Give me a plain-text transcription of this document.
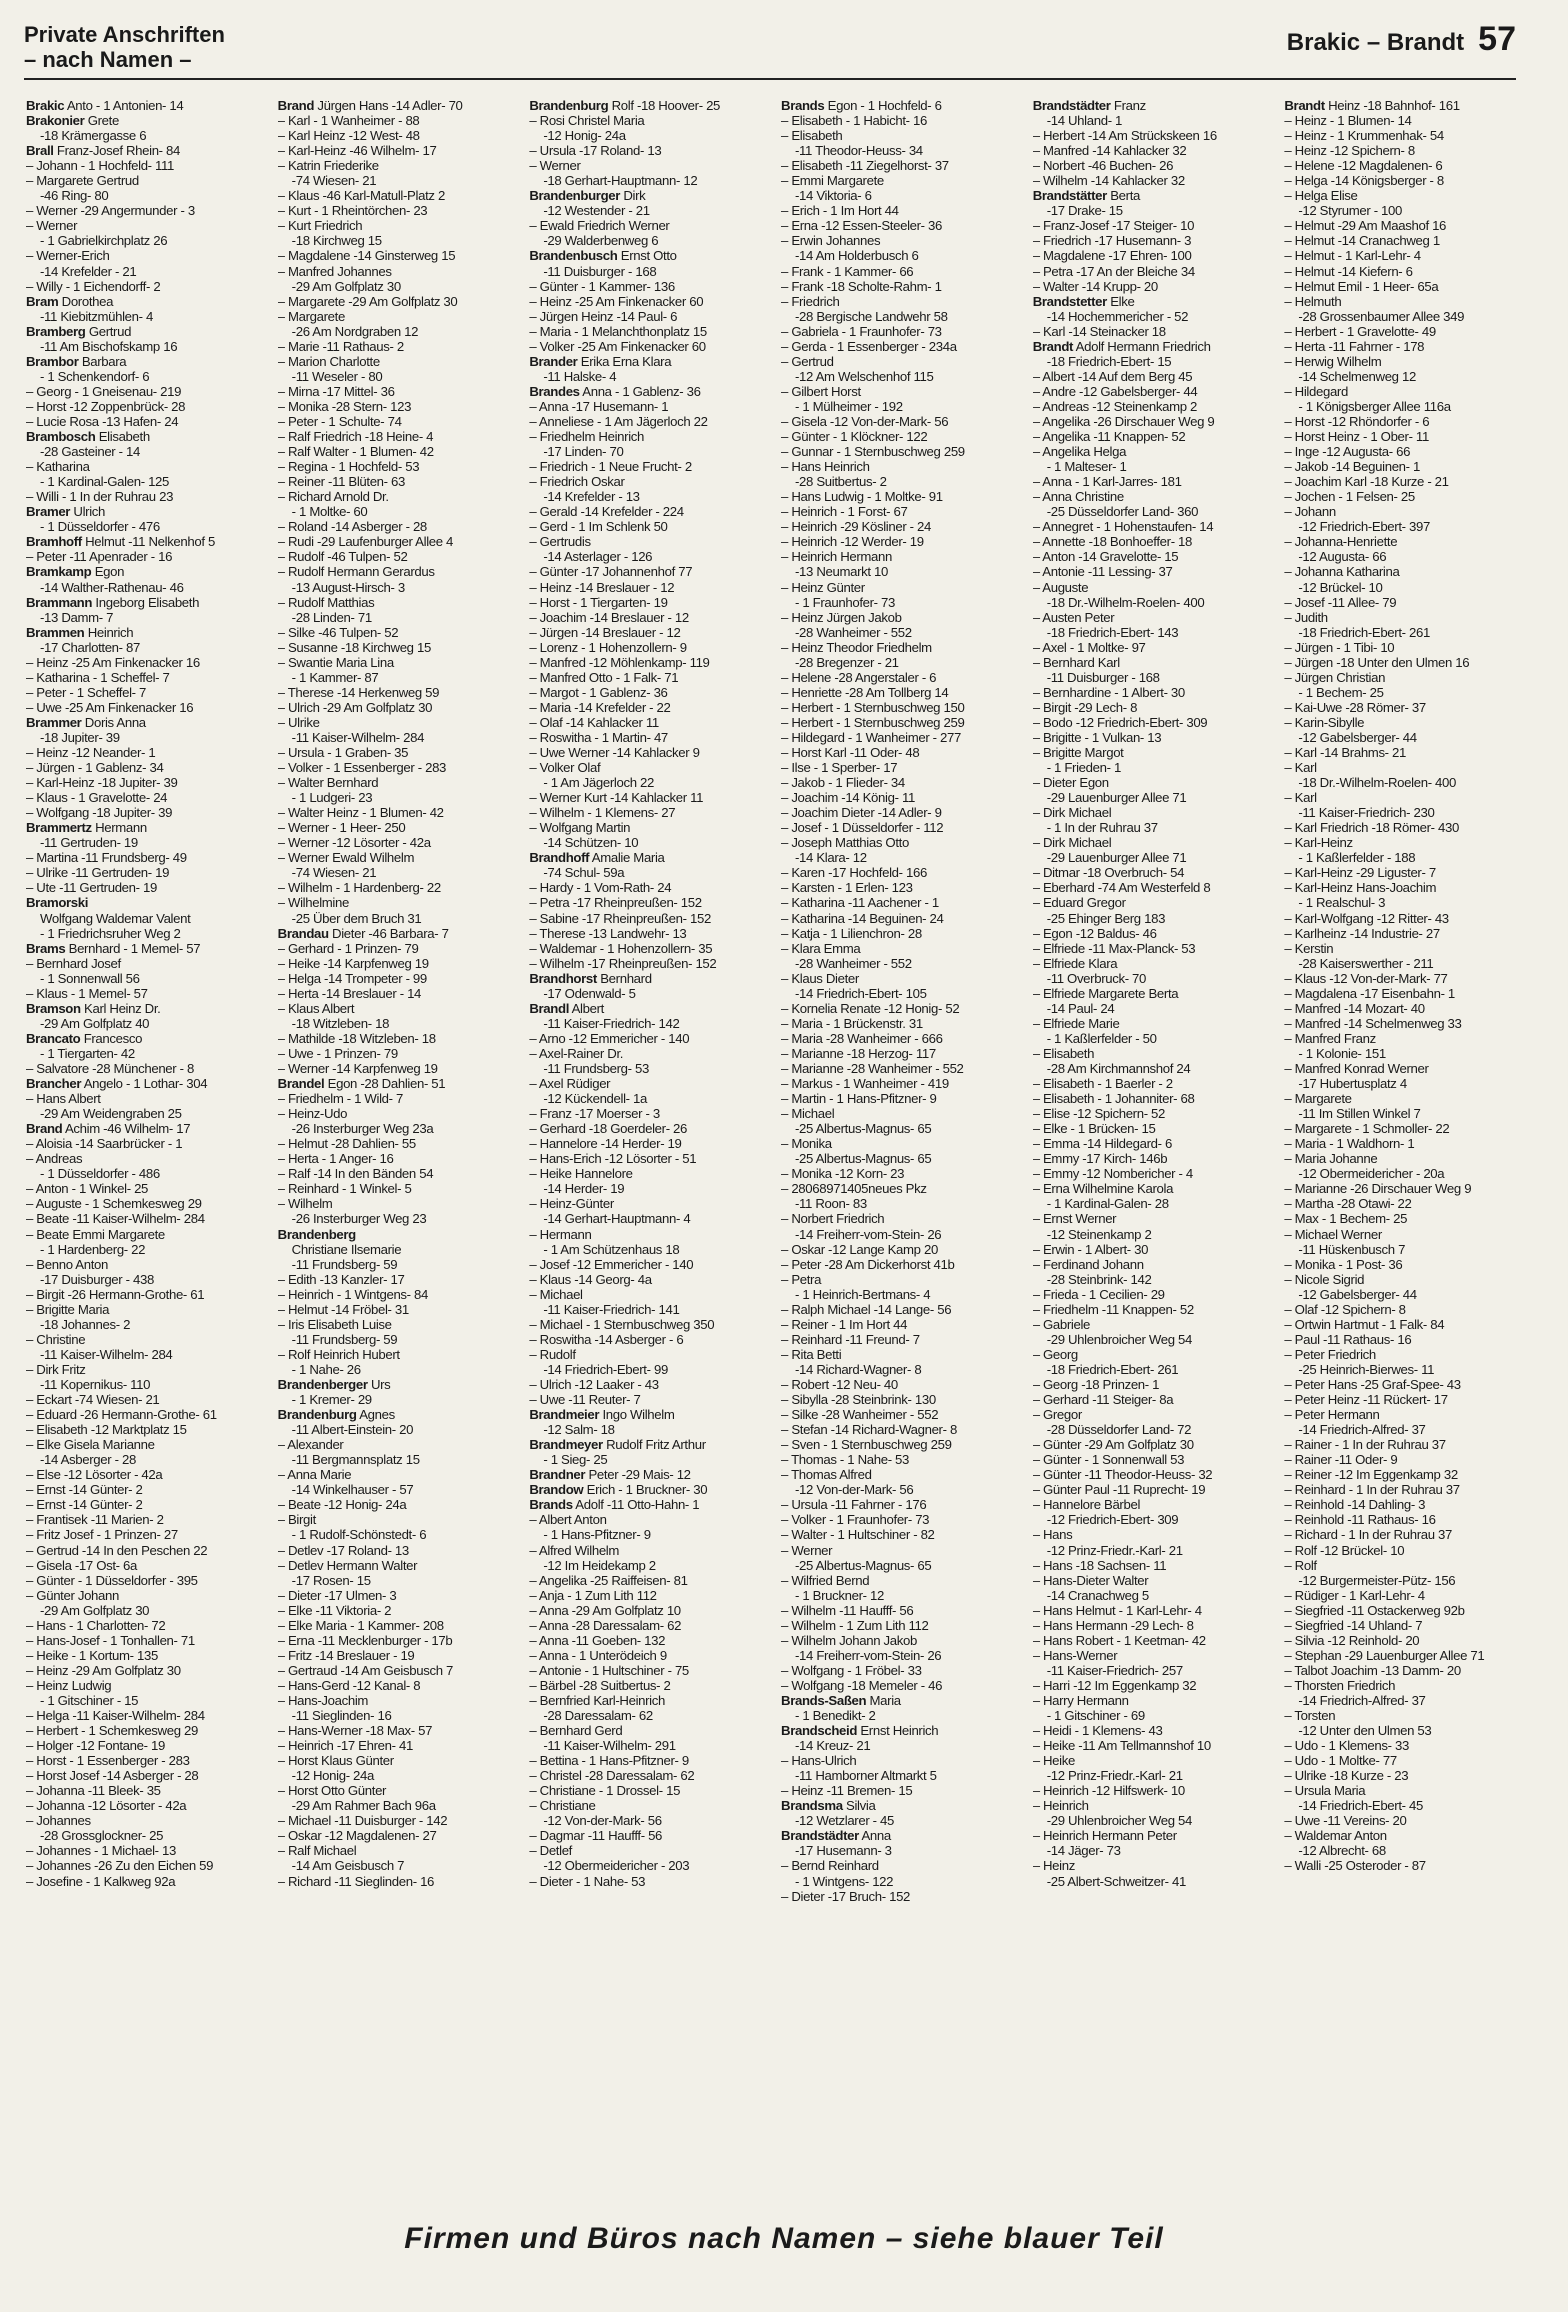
Private Anschriften
– nach Namen –
Brakic – Brandt 57
Brakic Anto - 1 Antonien- 14
Brakonier Grete
-18 Krämergasse 6
Brall Franz-Josef Rhein- 84
– Johann - 1 Hochfeld- 111
– Margarete Gertrud
-46 Ring- 80
– Werner -29 Angermunder - 3
– Werner
- 1 Gabrielkirchplatz 26
– Werner-Erich
-14 Krefelder - 21
– Willy - 1 Eichendorff- 2
Bram Dorothea
-11 Kiebitzmühlen- 4
Bramberg Gertrud
-11 Am Bischofskamp 16
Brambor Barbara
- 1 Schenkendorf- 6
– Georg - 1 Gneisenau- 219
– Horst -12 Zoppenbrück- 28
– Lucie Rosa -13 Hafen- 24
Brambosch Elisabeth
-28 Gasteiner - 14
– Katharina
- 1 Kardinal-Galen- 125
– Willi - 1 In der Ruhrau 23
Bramer Ulrich
- 1 Düsseldorfer - 476
Bramhoff Helmut -11 Nelkenhof 5
– Peter -11 Apenrader - 16
Bramkamp Egon
-14 Walther-Rathenau- 46
Brammann Ingeborg Elisabeth
-13 Damm- 7
Brammen Heinrich
-17 Charlotten- 87
– Heinz -25 Am Finkenacker 16
– Katharina - 1 Scheffel- 7
– Peter - 1 Scheffel- 7
– Uwe -25 Am Finkenacker 16
Brammer Doris Anna
-18 Jupiter- 39
– Heinz -12 Neander- 1
– Jürgen - 1 Gablenz- 34
– Karl-Heinz -18 Jupiter- 39
– Klaus - 1 Gravelotte- 24
– Wolfgang -18 Jupiter- 39
Brammertz Hermann
-11 Gertruden- 19
– Martina -11 Frundsberg- 49
– Ulrike -11 Gertruden- 19
– Ute -11 Gertruden- 19
Bramorski
Wolfgang Waldemar Valent
- 1 Friedrichsruher Weg 2
Brams Bernhard - 1 Memel- 57
– Bernhard Josef
- 1 Sonnenwall 56
– Klaus - 1 Memel- 57
Bramson Karl Heinz Dr.
-29 Am Golfplatz 40
Brancato Francesco
- 1 Tiergarten- 42
– Salvatore -28 Münchener - 8
Brancher Angelo - 1 Lothar- 304
– Hans Albert
-29 Am Weidengraben 25
Brand Achim -46 Wilhelm- 17
– Aloisia -14 Saarbrücker - 1
– Andreas
- 1 Düsseldorfer - 486
– Anton - 1 Winkel- 25
– Auguste - 1 Schemkesweg 29
– Beate -11 Kaiser-Wilhelm- 284
– Beate Emmi Margarete
- 1 Hardenberg- 22
– Benno Anton
-17 Duisburger - 438
– Birgit -26 Hermann-Grothe- 61
– Brigitte Maria
-18 Johannes- 2
– Christine
-11 Kaiser-Wilhelm- 284
– Dirk Fritz
-11 Kopernikus- 110
– Eckart -74 Wiesen- 21
– Eduard -26 Hermann-Grothe- 61
– Elisabeth -12 Marktplatz 15
– Elke Gisela Marianne
-14 Asberger - 28
– Else -12 Lösorter - 42a
– Ernst -14 Günter- 2
– Ernst -14 Günter- 2
– Frantisek -11 Marien- 2
– Fritz Josef - 1 Prinzen- 27
– Gertrud -14 In den Peschen 22
– Gisela -17 Ost- 6a
– Günter - 1 Düsseldorfer - 395
– Günter Johann
-29 Am Golfplatz 30
– Hans - 1 Charlotten- 72
– Hans-Josef - 1 Tonhallen- 71
– Heike - 1 Kortum- 135
– Heinz -29 Am Golfplatz 30
– Heinz Ludwig
- 1 Gitschiner - 15
– Helga -11 Kaiser-Wilhelm- 284
– Herbert - 1 Schemkesweg 29
– Holger -12 Fontane- 19
– Horst - 1 Essenberger - 283
– Horst Josef -14 Asberger - 28
– Johanna -11 Bleek- 35
– Johanna -12 Lösorter - 42a
– Johannes
-28 Grossglockner- 25
– Johannes - 1 Michael- 13
– Johannes -26 Zu den Eichen 59
– Josefine - 1 Kalkweg 92a
Brand Jürgen Hans -14 Adler- 70
– Karl - 1 Wanheimer - 88
– Karl Heinz -12 West- 48
– Karl-Heinz -46 Wilhelm- 17
– Katrin Friederike
-74 Wiesen- 21
– Klaus -46 Karl-Matull-Platz 2
– Kurt - 1 Rheintörchen- 23
– Kurt Friedrich
-18 Kirchweg 15
– Magdalene -14 Ginsterweg 15
– Manfred Johannes
-29 Am Golfplatz 30
– Margarete -29 Am Golfplatz 30
– Margarete
-26 Am Nordgraben 12
– Marie -11 Rathaus- 2
– Marion Charlotte
-11 Weseler - 80
– Mirna -17 Mittel- 36
– Monika -28 Stern- 123
– Peter - 1 Schulte- 74
– Ralf Friedrich -18 Heine- 4
– Ralf Walter - 1 Blumen- 42
– Regina - 1 Hochfeld- 53
– Reiner -11 Blüten- 63
– Richard Arnold Dr.
- 1 Moltke- 60
– Roland -14 Asberger - 28
– Rudi -29 Laufenburger Allee 4
– Rudolf -46 Tulpen- 52
– Rudolf Hermann Gerardus
-13 August-Hirsch- 3
– Rudolf Matthias
-28 Linden- 71
– Silke -46 Tulpen- 52
– Susanne -18 Kirchweg 15
– Swantie Maria Lina
- 1 Kammer- 87
– Therese -14 Herkenweg 59
– Ulrich -29 Am Golfplatz 30
– Ulrike
-11 Kaiser-Wilhelm- 284
– Ursula - 1 Graben- 35
– Volker - 1 Essenberger - 283
– Walter Bernhard
- 1 Ludgeri- 23
– Walter Heinz - 1 Blumen- 42
– Werner - 1 Heer- 250
– Werner -12 Lösorter - 42a
– Werner Ewald Wilhelm
-74 Wiesen- 21
– Wilhelm - 1 Hardenberg- 22
– Wilhelmine
-25 Über dem Bruch 31
Brandau Dieter -46 Barbara- 7
– Gerhard - 1 Prinzen- 79
– Heike -14 Karpfenweg 19
– Helga -14 Trompeter - 99
– Herta -14 Breslauer - 14
– Klaus Albert
-18 Witzleben- 18
– Mathilde -18 Witzleben- 18
– Uwe - 1 Prinzen- 79
– Werner -14 Karpfenweg 19
Brandel Egon -28 Dahlien- 51
– Friedhelm - 1 Wild- 7
– Heinz-Udo
-26 Insterburger Weg 23a
– Helmut -28 Dahlien- 55
– Herta - 1 Anger- 16
– Ralf -14 In den Bänden 54
– Reinhard - 1 Winkel- 5
– Wilhelm
-26 Insterburger Weg 23
Brandenberg
Christiane Ilsemarie
-11 Frundsberg- 59
– Edith -13 Kanzler- 17
– Heinrich - 1 Wintgens- 84
– Helmut -14 Fröbel- 31
– Iris Elisabeth Luise
-11 Frundsberg- 59
– Rolf Heinrich Hubert
- 1 Nahe- 26
Brandenberger Urs
- 1 Kremer- 29
Brandenburg Agnes
-11 Albert-Einstein- 20
– Alexander
-11 Bergmannsplatz 15
– Anna Marie
-14 Winkelhauser - 57
– Beate -12 Honig- 24a
– Birgit
- 1 Rudolf-Schönstedt- 6
– Detlev -17 Roland- 13
– Detlev Hermann Walter
-17 Rosen- 15
– Dieter -17 Ulmen- 3
– Elke -11 Viktoria- 2
– Elke Maria - 1 Kammer- 208
– Erna -11 Mecklenburger - 17b
– Fritz -14 Breslauer - 19
– Gertraud -14 Am Geisbusch 7
– Hans-Gerd -12 Kanal- 8
– Hans-Joachim
-11 Sieglinden- 16
– Hans-Werner -18 Max- 57
– Heinrich -17 Ehren- 41
– Horst Klaus Günter
-12 Honig- 24a
– Horst Otto Günter
-29 Am Rahmer Bach 96a
– Michael -11 Duisburger - 142
– Oskar -12 Magdalenen- 27
– Ralf Michael
-14 Am Geisbusch 7
– Richard -11 Sieglinden- 16
Brandenburg Rolf -18 Hoover- 25
– Rosi Christel Maria
-12 Honig- 24a
– Ursula -17 Roland- 13
– Werner
-18 Gerhart-Hauptmann- 12
Brandenburger Dirk
-12 Westender - 21
– Ewald Friedrich Werner
-29 Walderbenweg 6
Brandenbusch Ernst Otto
-11 Duisburger - 168
– Günter - 1 Kammer- 136
– Heinz -25 Am Finkenacker 60
– Jürgen Heinz -14 Paul- 6
– Maria - 1 Melanchthonplatz 15
– Volker -25 Am Finkenacker 60
Brander Erika Erna Klara
-11 Halske- 4
Brandes Anna - 1 Gablenz- 36
– Anna -17 Husemann- 1
– Anneliese - 1 Am Jägerloch 22
– Friedhelm Heinrich
-17 Linden- 70
– Friedrich - 1 Neue Frucht- 2
– Friedrich Oskar
-14 Krefelder - 13
– Gerald -14 Krefelder - 224
– Gerd - 1 Im Schlenk 50
– Gertrudis
-14 Asterlager - 126
– Günter -17 Johannenhof 77
– Heinz -14 Breslauer - 12
– Horst - 1 Tiergarten- 19
– Joachim -14 Breslauer - 12
– Jürgen -14 Breslauer - 12
– Lorenz - 1 Hohenzollern- 9
– Manfred -12 Möhlenkamp- 119
– Manfred Otto - 1 Falk- 71
– Margot - 1 Gablenz- 36
– Maria -14 Krefelder - 22
– Olaf -14 Kahlacker 11
– Roswitha - 1 Martin- 47
– Uwe Werner -14 Kahlacker 9
– Volker Olaf
- 1 Am Jägerloch 22
– Werner Kurt -14 Kahlacker 11
– Wilhelm - 1 Klemens- 27
– Wolfgang Martin
-14 Schützen- 10
Brandhoff Amalie Maria
-74 Schul- 59a
– Hardy - 1 Vom-Rath- 24
– Petra -17 Rheinpreußen- 152
– Sabine -17 Rheinpreußen- 152
– Therese -13 Landwehr- 13
– Waldemar - 1 Hohenzollern- 35
– Wilhelm -17 Rheinpreußen- 152
Brandhorst Bernhard
-17 Odenwald- 5
Brandl Albert
-11 Kaiser-Friedrich- 142
– Arno -12 Emmericher - 140
– Axel-Rainer Dr.
-11 Frundsberg- 53
– Axel Rüdiger
-12 Kückendell- 1a
– Franz -17 Moerser - 3
– Gerhard -18 Goerdeler- 26
– Hannelore -14 Herder- 19
– Hans-Erich -12 Lösorter - 51
– Heike Hannelore
-14 Herder- 19
– Heinz-Günter
-14 Gerhart-Hauptmann- 4
– Hermann
- 1 Am Schützenhaus 18
– Josef -12 Emmericher - 140
– Klaus -14 Georg- 4a
– Michael
-11 Kaiser-Friedrich- 141
– Michael - 1 Sternbuschweg 350
– Roswitha -14 Asberger - 6
– Rudolf
-14 Friedrich-Ebert- 99
– Ulrich -12 Laaker - 43
– Uwe -11 Reuter- 7
Brandmeier Ingo Wilhelm
-12 Salm- 18
Brandmeyer Rudolf Fritz Arthur
- 1 Sieg- 25
Brandner Peter -29 Mais- 12
Brandow Erich - 1 Bruckner- 30
Brands Adolf -11 Otto-Hahn- 1
– Albert Anton
- 1 Hans-Pfitzner- 9
– Alfred Wilhelm
-12 Im Heidekamp 2
– Angelika -25 Raiffeisen- 81
– Anja - 1 Zum Lith 112
– Anna -29 Am Golfplatz 10
– Anna -28 Daressalam- 62
– Anna -11 Goeben- 132
– Anna - 1 Unterödeich 9
– Antonie - 1 Hultschiner - 75
– Bärbel -28 Suitbertus- 2
– Bernfried Karl-Heinrich
-28 Daressalam- 62
– Bernhard Gerd
-11 Kaiser-Wilhelm- 291
– Bettina - 1 Hans-Pfitzner- 9
– Christel -28 Daressalam- 62
– Christiane - 1 Drossel- 15
– Christiane
-12 Von-der-Mark- 56
– Dagmar -11 Haufff- 56
– Detlef
-12 Obermeidericher - 203
– Dieter - 1 Nahe- 53
Brands Egon - 1 Hochfeld- 6
– Elisabeth - 1 Habicht- 16
– Elisabeth
-11 Theodor-Heuss- 34
– Elisabeth -11 Ziegelhorst- 37
– Emmi Margarete
-14 Viktoria- 6
– Erich - 1 Im Hort 44
– Erna -12 Essen-Steeler- 36
– Erwin Johannes
-14 Am Holderbusch 6
– Frank - 1 Kammer- 66
– Frank -18 Scholte-Rahm- 1
– Friedrich
-28 Bergische Landwehr 58
– Gabriela - 1 Fraunhofer- 73
– Gerda - 1 Essenberger - 234a
– Gertrud
-12 Am Welschenhof 115
– Gilbert Horst
- 1 Mülheimer - 192
– Gisela -12 Von-der-Mark- 56
– Günter - 1 Klöckner- 122
– Gunnar - 1 Sternbuschweg 259
– Hans Heinrich
-28 Suitbertus- 2
– Hans Ludwig - 1 Moltke- 91
– Heinrich - 1 Forst- 67
– Heinrich -29 Kösliner - 24
– Heinrich -12 Werder- 19
– Heinrich Hermann
-13 Neumarkt 10
– Heinz Günter
- 1 Fraunhofer- 73
– Heinz Jürgen Jakob
-28 Wanheimer - 552
– Heinz Theodor Friedhelm
-28 Bregenzer - 21
– Helene -28 Angerstaler - 6
– Henriette -28 Am Tollberg 14
– Herbert - 1 Sternbuschweg 150
– Herbert - 1 Sternbuschweg 259
– Hildegard - 1 Wanheimer - 277
– Horst Karl -11 Oder- 48
– Ilse - 1 Sperber- 17
– Jakob - 1 Flieder- 34
– Joachim -14 König- 11
– Joachim Dieter -14 Adler- 9
– Josef - 1 Düsseldorfer - 112
– Joseph Matthias Otto
-14 Klara- 12
– Karen -17 Hochfeld- 166
– Karsten - 1 Erlen- 123
– Katharina -11 Aachener - 1
– Katharina -14 Beguinen- 24
– Katja - 1 Lilienchron- 28
– Klara Emma
-28 Wanheimer - 552
– Klaus Dieter
-14 Friedrich-Ebert- 105
– Kornelia Renate -12 Honig- 52
– Maria - 1 Brückenstr. 31
– Maria -28 Wanheimer - 666
– Marianne -18 Herzog- 117
– Marianne -28 Wanheimer - 552
– Markus - 1 Wanheimer - 419
– Martin - 1 Hans-Pfitzner- 9
– Michael
-25 Albertus-Magnus- 65
– Monika
-25 Albertus-Magnus- 65
– Monika -12 Korn- 23
– 28068971405neues Pkz
-11 Roon- 83
– Norbert Friedrich
-14 Freiherr-vom-Stein- 26
– Oskar -12 Lange Kamp 20
– Peter -28 Am Dickerhorst 41b
– Petra
- 1 Heinrich-Bertmans- 4
– Ralph Michael -14 Lange- 56
– Reiner - 1 Im Hort 44
– Reinhard -11 Freund- 7
– Rita Betti
-14 Richard-Wagner- 8
– Robert -12 Neu- 40
– Sibylla -28 Steinbrink- 130
– Silke -28 Wanheimer - 552
– Stefan -14 Richard-Wagner- 8
– Sven - 1 Sternbuschweg 259
– Thomas - 1 Nahe- 53
– Thomas Alfred
-12 Von-der-Mark- 56
– Ursula -11 Fahrner - 176
– Volker - 1 Fraunhofer- 73
– Walter - 1 Hultschiner - 82
– Werner
-25 Albertus-Magnus- 65
– Wilfried Bernd
- 1 Bruckner- 12
– Wilhelm -11 Haufff- 56
– Wilhelm - 1 Zum Lith 112
– Wilhelm Johann Jakob
-14 Freiherr-vom-Stein- 26
– Wolfgang - 1 Fröbel- 33
– Wolfgang -18 Memeler - 46
Brands-Saßen Maria
- 1 Benedikt- 2
Brandscheid Ernst Heinrich
-14 Kreuz- 21
– Hans-Ulrich
-11 Hamborner Altmarkt 5
– Heinz -11 Bremen- 15
Brandsma Silvia
-12 Wetzlarer - 45
Brandstädter Anna
-17 Husemann- 3
– Bernd Reinhard
- 1 Wintgens- 122
– Dieter -17 Bruch- 152
Brandstädter Franz
-14 Uhland- 1
– Herbert -14 Am Strückskeen 16
– Manfred -14 Kahlacker 32
– Norbert -46 Buchen- 26
– Wilhelm -14 Kahlacker 32
Brandstätter Berta
-17 Drake- 15
– Franz-Josef -17 Steiger- 10
– Friedrich -17 Husemann- 3
– Magdalene -17 Ehren- 100
– Petra -17 An der Bleiche 34
– Walter -14 Krupp- 20
Brandstetter Elke
-14 Hochemmericher - 52
– Karl -14 Steinacker 18
Brandt Adolf Hermann Friedrich
-18 Friedrich-Ebert- 15
– Albert -14 Auf dem Berg 45
– Andre -12 Gabelsberger- 44
– Andreas -12 Steinenkamp 2
– Angelika -26 Dirschauer Weg 9
– Angelika -11 Knappen- 52
– Angelika Helga
- 1 Malteser- 1
– Anna - 1 Karl-Jarres- 181
– Anna Christine
-25 Düsseldorfer Land- 360
– Annegret - 1 Hohenstaufen- 14
– Annette -18 Bonhoeffer- 18
– Anton -14 Gravelotte- 15
– Antonie -11 Lessing- 37
– Auguste
-18 Dr.-Wilhelm-Roelen- 400
– Austen Peter
-18 Friedrich-Ebert- 143
– Axel - 1 Moltke- 97
– Bernhard Karl
-11 Duisburger - 168
– Bernhardine - 1 Albert- 30
– Birgit -29 Lech- 8
– Bodo -12 Friedrich-Ebert- 309
– Brigitte - 1 Vulkan- 13
– Brigitte Margot
- 1 Frieden- 1
– Dieter Egon
-29 Lauenburger Allee 71
– Dirk Michael
- 1 In der Ruhrau 37
– Dirk Michael
-29 Lauenburger Allee 71
– Ditmar -18 Overbruch- 54
– Eberhard -74 Am Westerfeld 8
– Eduard Gregor
-25 Ehinger Berg 183
– Egon -12 Baldus- 46
– Elfriede -11 Max-Planck- 53
– Elfriede Klara
-11 Overbruck- 70
– Elfriede Margarete Berta
-14 Paul- 24
– Elfriede Marie
- 1 Kaßlerfelder - 50
– Elisabeth
-28 Am Kirchmannshof 24
– Elisabeth - 1 Baerler - 2
– Elisabeth - 1 Johanniter- 68
– Elise -12 Spichern- 52
– Elke - 1 Brücken- 15
– Emma -14 Hildegard- 6
– Emmy -17 Kirch- 146b
– Emmy -12 Nombericher - 4
– Erna Wilhelmine Karola
- 1 Kardinal-Galen- 28
– Ernst Werner
-12 Steinenkamp 2
– Erwin - 1 Albert- 30
– Ferdinand Johann
-28 Steinbrink- 142
– Frieda - 1 Cecilien- 29
– Friedhelm -11 Knappen- 52
– Gabriele
-29 Uhlenbroicher Weg 54
– Georg
-18 Friedrich-Ebert- 261
– Georg -18 Prinzen- 1
– Gerhard -11 Steiger- 8a
– Gregor
-28 Düsseldorfer Land- 72
– Günter -29 Am Golfplatz 30
– Günter - 1 Sonnenwall 53
– Günter -11 Theodor-Heuss- 32
– Günter Paul -11 Ruprecht- 19
– Hannelore Bärbel
-12 Friedrich-Ebert- 309
– Hans
-12 Prinz-Friedr.-Karl- 21
– Hans -18 Sachsen- 11
– Hans-Dieter Walter
-14 Cranachweg 5
– Hans Helmut - 1 Karl-Lehr- 4
– Hans Hermann -29 Lech- 8
– Hans Robert - 1 Keetman- 42
– Hans-Werner
-11 Kaiser-Friedrich- 257
– Harri -12 Im Eggenkamp 32
– Harry Hermann
- 1 Gitschiner - 69
– Heidi - 1 Klemens- 43
– Heike -11 Am Tellmannshof 10
– Heike
-12 Prinz-Friedr.-Karl- 21
– Heinrich -12 Hilfswerk- 10
– Heinrich
-29 Uhlenbroicher Weg 54
– Heinrich Hermann Peter
-14 Jäger- 73
– Heinz
-25 Albert-Schweitzer- 41
Brandt Heinz -18 Bahnhof- 161
– Heinz - 1 Blumen- 14
– Heinz - 1 Krummenhak- 54
– Heinz -12 Spichern- 8
– Helene -12 Magdalenen- 6
– Helga -14 Königsberger - 8
– Helga Elise
-12 Styrumer - 100
– Helmut -29 Am Maashof 16
– Helmut -14 Cranachweg 1
– Helmut - 1 Karl-Lehr- 4
– Helmut -14 Kiefern- 6
– Helmut Emil - 1 Heer- 65a
– Helmuth
-28 Grossenbaumer Allee 349
– Herbert - 1 Gravelotte- 49
– Herta -11 Fahrner - 178
– Herwig Wilhelm
-14 Schelmenweg 12
– Hildegard
- 1 Königsberger Allee 116a
– Horst -12 Rhöndorfer - 6
– Horst Heinz - 1 Ober- 11
– Inge -12 Augusta- 66
– Jakob -14 Beguinen- 1
– Joachim Karl -18 Kurze - 21
– Jochen - 1 Felsen- 25
– Johann
-12 Friedrich-Ebert- 397
– Johanna-Henriette
-12 Augusta- 66
– Johanna Katharina
-12 Brückel- 10
– Josef -11 Allee- 79
– Judith
-18 Friedrich-Ebert- 261
– Jürgen - 1 Tibi- 10
– Jürgen -18 Unter den Ulmen 16
– Jürgen Christian
- 1 Bechem- 25
– Kai-Uwe -28 Römer- 37
– Karin-Sibylle
-12 Gabelsberger- 44
– Karl -14 Brahms- 21
– Karl
-18 Dr.-Wilhelm-Roelen- 400
– Karl
-11 Kaiser-Friedrich- 230
– Karl Friedrich -18 Römer- 430
– Karl-Heinz
- 1 Kaßlerfelder - 188
– Karl-Heinz -29 Liguster- 7
– Karl-Heinz Hans-Joachim
- 1 Realschul- 3
– Karl-Wolfgang -12 Ritter- 43
– Karlheinz -14 Industrie- 27
– Kerstin
-28 Kaiserswerther - 211
– Klaus -12 Von-der-Mark- 77
– Magdalena -17 Eisenbahn- 1
– Manfred -14 Mozart- 40
– Manfred -14 Schelmenweg 33
– Manfred Franz
- 1 Kolonie- 151
– Manfred Konrad Werner
-17 Hubertusplatz 4
– Margarete
-11 Im Stillen Winkel 7
– Margarete - 1 Schmoller- 22
– Maria - 1 Waldhorn- 1
– Maria Johanne
-12 Obermeidericher - 20a
– Marianne -26 Dirschauer Weg 9
– Martha -28 Otawi- 22
– Max - 1 Bechem- 25
– Michael Werner
-11 Hüskenbusch 7
– Monika - 1 Post- 36
– Nicole Sigrid
-12 Gabelsberger- 44
– Olaf -12 Spichern- 8
– Ortwin Hartmut - 1 Falk- 84
– Paul -11 Rathaus- 16
– Peter Friedrich
-25 Heinrich-Bierwes- 11
– Peter Hans -25 Graf-Spee- 43
– Peter Heinz -11 Rückert- 17
– Peter Hermann
-14 Friedrich-Alfred- 37
– Rainer - 1 In der Ruhrau 37
– Rainer -11 Oder- 9
– Reiner -12 Im Eggenkamp 32
– Reinhard - 1 In der Ruhrau 37
– Reinhold -14 Dahling- 3
– Reinhold -11 Rathaus- 16
– Richard - 1 In der Ruhrau 37
– Rolf -12 Brückel- 10
– Rolf
-12 Burgermeister-Pütz- 156
– Rüdiger - 1 Karl-Lehr- 4
– Siegfried -11 Ostackerweg 92b
– Siegfried -14 Uhland- 7
– Silvia -12 Reinhold- 20
– Stephan -29 Lauenburger Allee 71
– Talbot Joachim -13 Damm- 20
– Thorsten Friedrich
-14 Friedrich-Alfred- 37
– Torsten
-12 Unter den Ulmen 53
– Udo - 1 Klemens- 33
– Udo - 1 Moltke- 77
– Ulrike -18 Kurze - 23
– Ursula Maria
-14 Friedrich-Ebert- 45
– Uwe -11 Vereins- 20
– Waldemar Anton
-12 Albrecht- 68
– Walli -25 Osteroder - 87
Firmen und Büros nach Namen – siehe blauer Teil
